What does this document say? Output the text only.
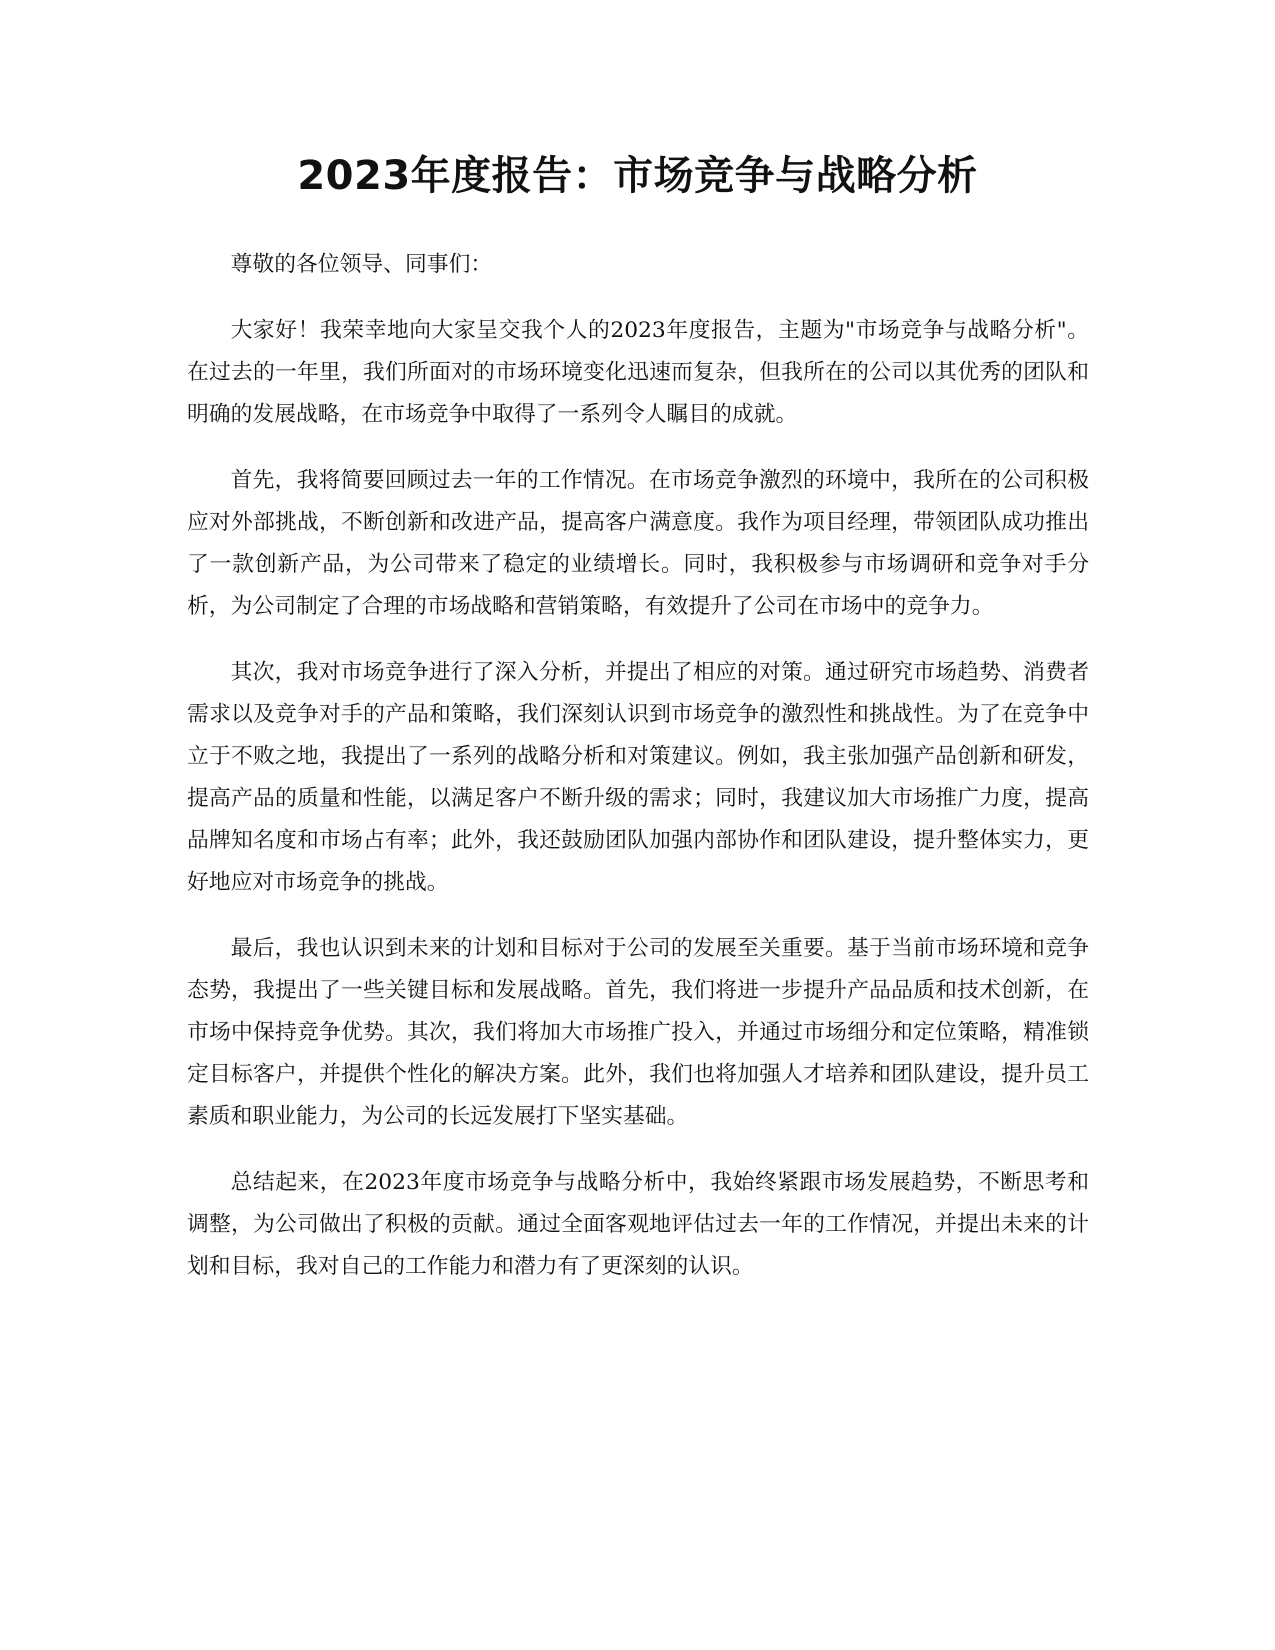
2023年度报告：市场竞争与战略分析

尊敬的各位领导、同事们：

大家好！我荣幸地向大家呈交我个人的2023年度报告，主题为"市场竞争与战略分析"。在过去的一年里，我们所面对的市场环境变化迅速而复杂，但我所在的公司以其优秀的团队和明确的发展战略，在市场竞争中取得了一系列令人瞩目的成就。

首先，我将简要回顾过去一年的工作情况。在市场竞争激烈的环境中，我所在的公司积极应对外部挑战，不断创新和改进产品，提高客户满意度。我作为项目经理，带领团队成功推出了一款创新产品，为公司带来了稳定的业绩增长。同时，我积极参与市场调研和竞争对手分析，为公司制定了合理的市场战略和营销策略，有效提升了公司在市场中的竞争力。

其次，我对市场竞争进行了深入分析，并提出了相应的对策。通过研究市场趋势、消费者需求以及竞争对手的产品和策略，我们深刻认识到市场竞争的激烈性和挑战性。为了在竞争中立于不败之地，我提出了一系列的战略分析和对策建议。例如，我主张加强产品创新和研发，提高产品的质量和性能，以满足客户不断升级的需求；同时，我建议加大市场推广力度，提高品牌知名度和市场占有率；此外，我还鼓励团队加强内部协作和团队建设，提升整体实力，更好地应对市场竞争的挑战。

最后，我也认识到未来的计划和目标对于公司的发展至关重要。基于当前市场环境和竞争态势，我提出了一些关键目标和发展战略。首先，我们将进一步提升产品品质和技术创新，在市场中保持竞争优势。其次，我们将加大市场推广投入，并通过市场细分和定位策略，精准锁定目标客户，并提供个性化的解决方案。此外，我们也将加强人才培养和团队建设，提升员工素质和职业能力，为公司的长远发展打下坚实基础。

总结起来，在2023年度市场竞争与战略分析中，我始终紧跟市场发展趋势，不断思考和调整，为公司做出了积极的贡献。通过全面客观地评估过去一年的工作情况，并提出未来的计划和目标，我对自己的工作能力和潜力有了更深刻的认识。
